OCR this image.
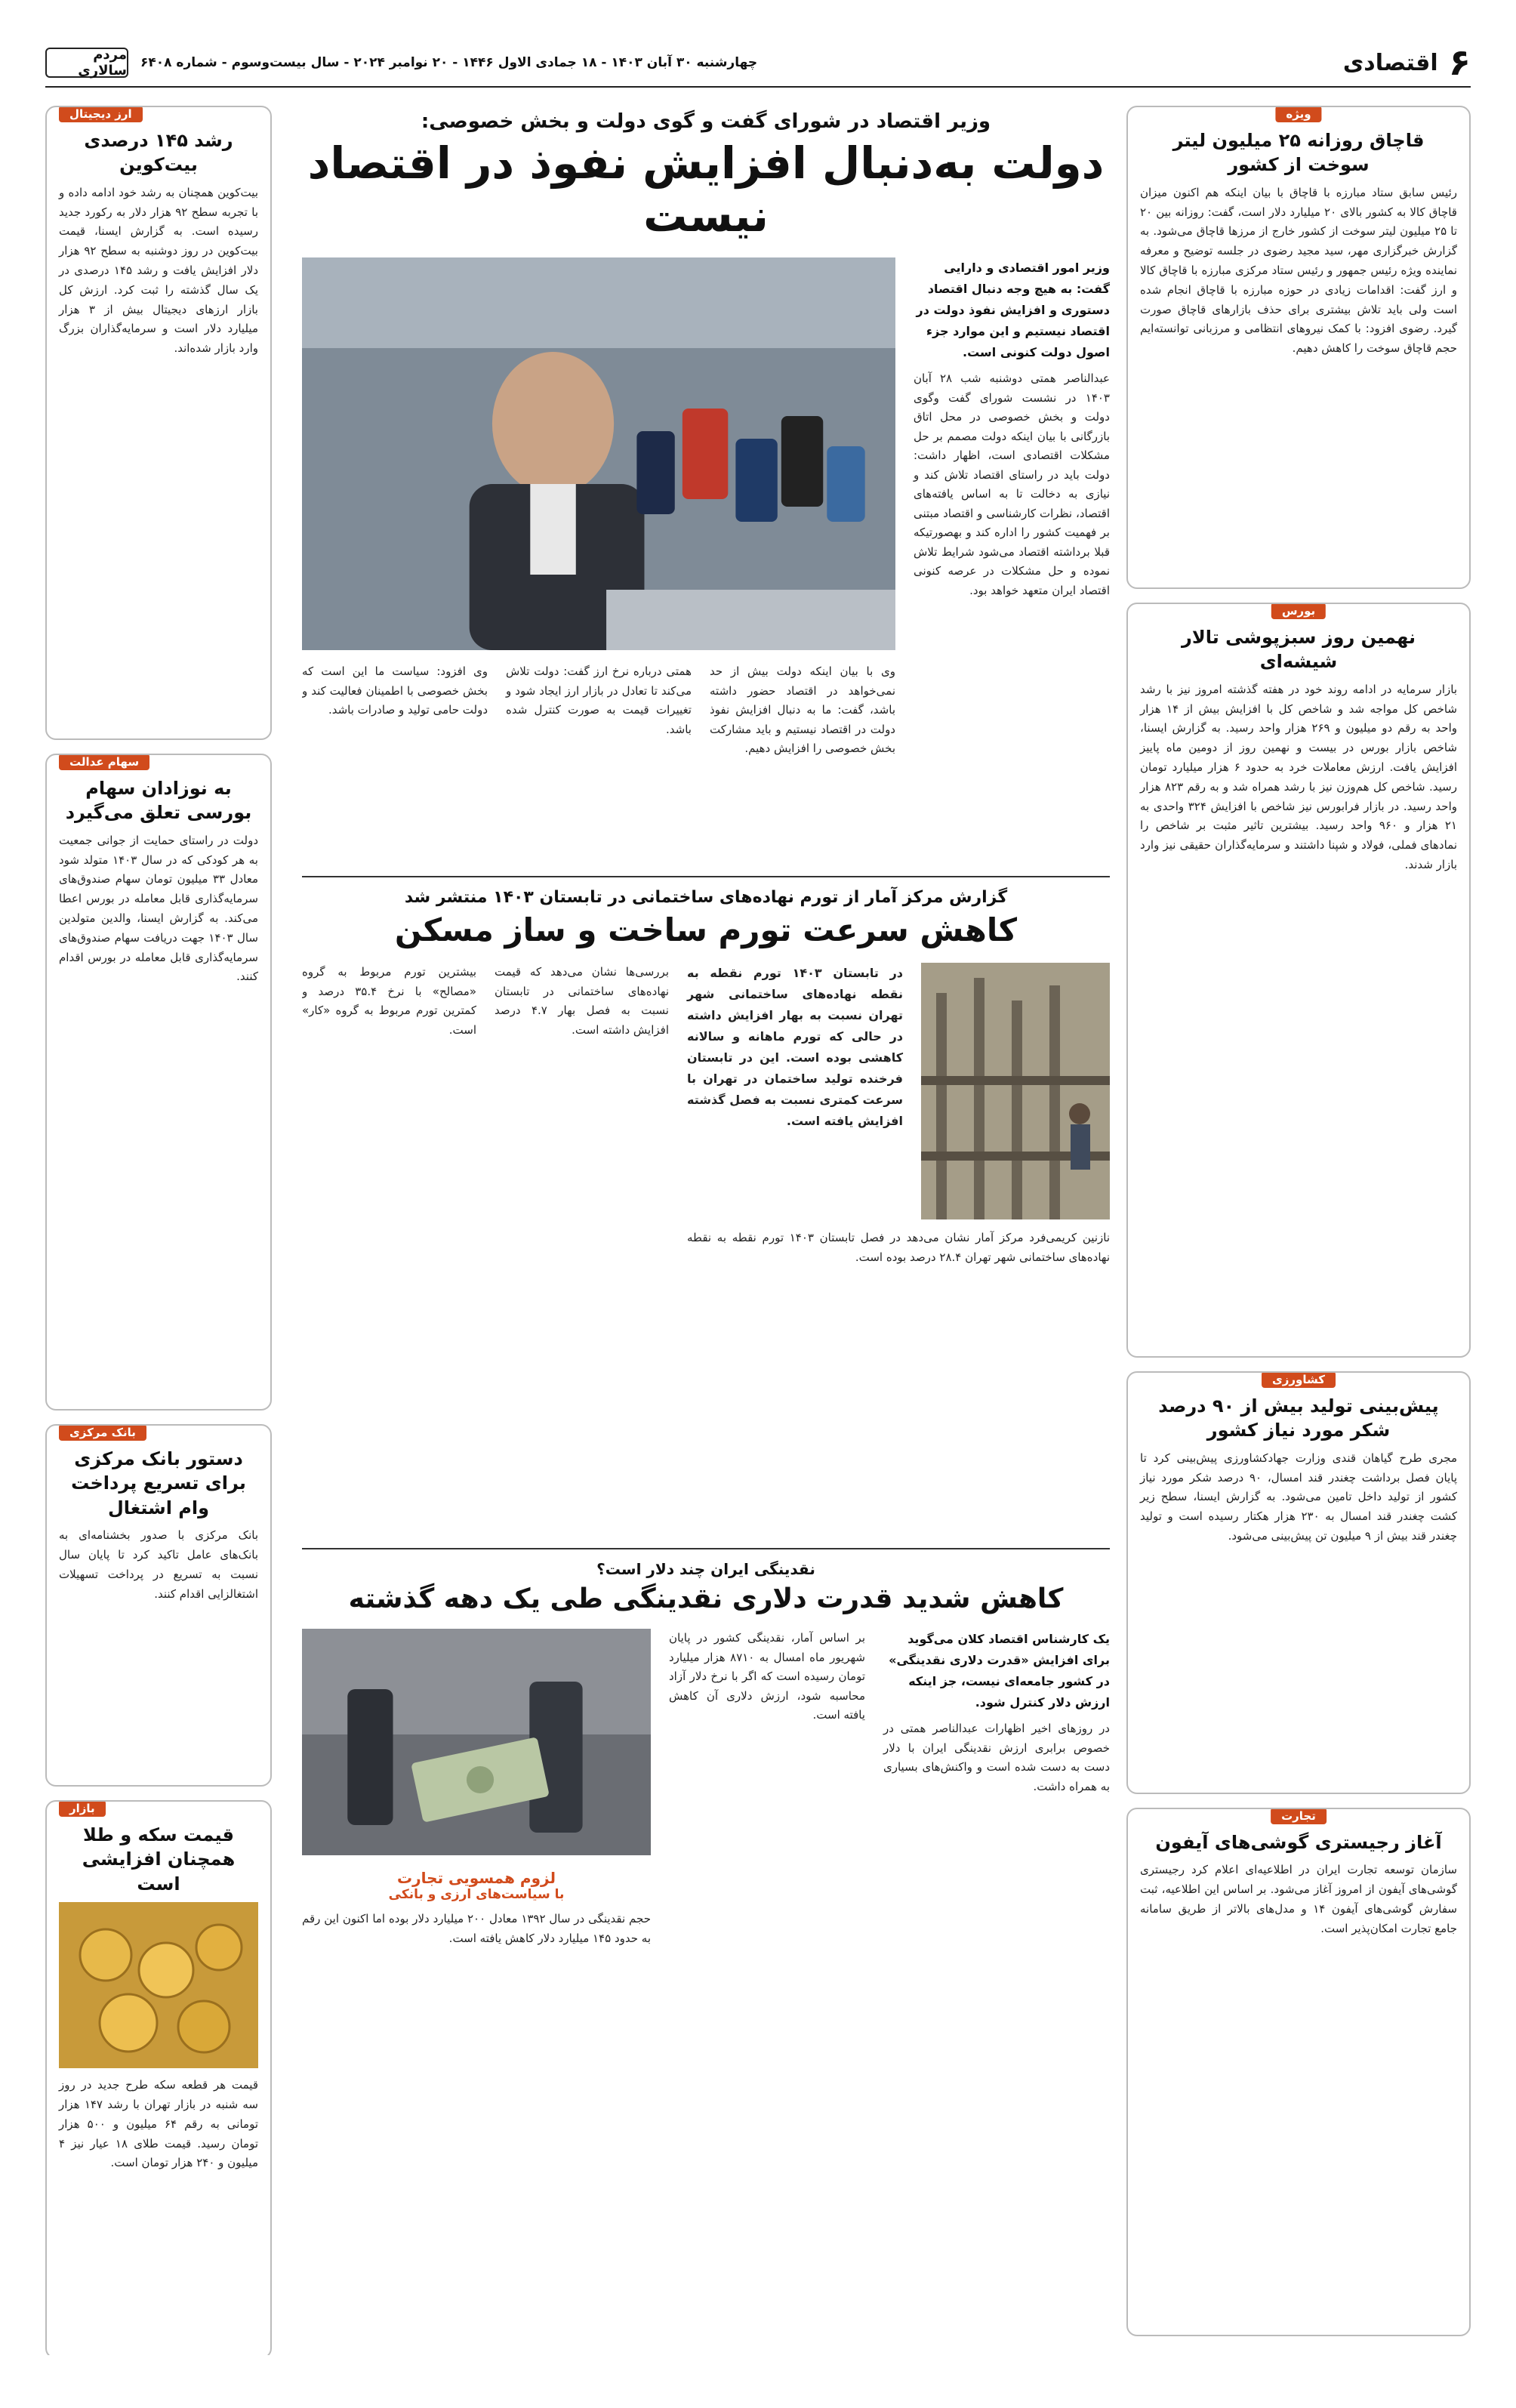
۶
اقتصادی
چهارشنبه ۳۰ آبان ۱۴۰۳ - ۱۸ جمادی الاول ۱۴۴۶ - ۲۰ نوامبر ۲۰۲۴ - سال بیست‌وسوم - شماره ۶۴۰۸
مردم سالاری
ویژه
قاچاق روزانه ۲۵ میلیون لیتر سوخت از کشور
رئیس سابق ستاد مبارزه با قاچاق با بیان اینکه هم اکنون میزان قاچاق کالا به کشور بالای ۲۰ میلیارد دلار است، گفت: روزانه بین ۲۰ تا ۲۵ میلیون لیتر سوخت از کشور خارج از مرزها قاچاق می‌شود. به گزارش خبرگزاری مهر، سید مجید رضوی در جلسه توضیح و معرفه نماینده ویژه رئیس جمهور و رئیس ستاد مرکزی مبارزه با قاچاق کالا و ارز گفت: اقدامات زیادی در حوزه مبارزه با قاچاق انجام شده است ولی باید تلاش بیشتری برای حذف بازارهای قاچاق صورت گیرد. رضوی افزود: با کمک نیروهای انتظامی و مرزبانی توانسته‌ایم حجم قاچاق سوخت را کاهش دهیم.
بورس
نهمین روز سبزپوشی تالار شیشه‌ای
بازار سرمایه در ادامه روند خود در هفته گذشته امروز نیز با رشد شاخص کل مواجه شد و شاخص کل با افزایش بیش از ۱۴ هزار واحد به رقم دو میلیون و ۲۶۹ هزار واحد رسید. به گزارش ایسنا، شاخص بازار بورس در بیست و نهمین روز از دومین ماه پاییز افزایش یافت. ارزش معاملات خرد به حدود ۶ هزار میلیارد تومان رسید. شاخص کل هم‌وزن نیز با رشد همراه شد و به رقم ۸۲۳ هزار واحد رسید. در بازار فرابورس نیز شاخص با افزایش ۳۲۴ واحدی به ۲۱ هزار و ۹۶۰ واحد رسید. بیشترین تاثیر مثبت بر شاخص را نمادهای فملی، فولاد و شپنا داشتند و سرمایه‌گذاران حقیقی نیز وارد بازار شدند.
کشاورزی
پیش‌بینی تولید بیش از ۹۰ درصد شکر مورد نیاز کشور
مجری طرح گیاهان قندی وزارت جهادکشاورزی پیش‌بینی کرد تا پایان فصل برداشت چغندر قند امسال، ۹۰ درصد شکر مورد نیاز کشور از تولید داخل تامین می‌شود. به گزارش ایسنا، سطح زیر کشت چغندر قند امسال به ۲۳۰ هزار هکتار رسیده است و تولید چغندر قند بیش از ۹ میلیون تن پیش‌بینی می‌شود.
تجارت
آغاز رجیستری گوشی‌های آیفون
سازمان توسعه تجارت ایران در اطلاعیه‌ای اعلام کرد رجیستری گوشی‌های آیفون از امروز آغاز می‌شود. بر اساس این اطلاعیه، ثبت سفارش گوشی‌های آیفون ۱۴ و مدل‌های بالاتر از طریق سامانه جامع تجارت امکان‌پذیر است.
ارز دیجیتال
رشد ۱۴۵ درصدی بیت‌کوین
بیت‌کوین همچنان به رشد خود ادامه داده و با تجربه سطح ۹۲ هزار دلار به رکورد جدید رسیده است. به گزارش ایسنا، قیمت بیت‌کوین در روز دوشنبه به سطح ۹۲ هزار دلار افزایش یافت و رشد ۱۴۵ درصدی در یک سال گذشته را ثبت کرد. ارزش کل بازار ارزهای دیجیتال بیش از ۳ هزار میلیارد دلار است و سرمایه‌گذاران بزرگ وارد بازار شده‌اند.
سهام عدالت
به نوزادان سهام بورسی تعلق می‌گیرد
دولت در راستای حمایت از جوانی جمعیت به هر کودکی که در سال ۱۴۰۳ متولد شود معادل ۳۳ میلیون تومان سهام صندوق‌های سرمایه‌گذاری قابل معامله در بورس اعطا می‌کند. به گزارش ایسنا، والدین متولدین سال ۱۴۰۳ جهت دریافت سهام صندوق‌های سرمایه‌گذاری قابل معامله در بورس اقدام کنند.
بانک مرکزی
دستور بانک مرکزی برای تسریع پرداخت وام اشتغال
بانک مرکزی با صدور بخشنامه‌ای به بانک‌های عامل تاکید کرد تا پایان سال نسبت به تسریع در پرداخت تسهیلات اشتغالزایی اقدام کنند.
بازار
قیمت سکه و طلا همچنان افزایشی است
قیمت هر قطعه سکه طرح جدید در روز سه شنبه در بازار تهران با رشد ۱۴۷ هزار تومانی به رقم ۶۴ میلیون و ۵۰۰ هزار تومان رسید. قیمت طلای ۱۸ عیار نیز ۴ میلیون و ۲۴۰ هزار تومان است.
وزیر اقتصاد در شورای گفت و گوی دولت و بخش خصوصی:
دولت به‌دنبال افزایش نفوذ در اقتصاد نیست

وزیر امور اقتصادی و دارایی گفت: به هیچ وجه دنبال اقتصاد دستوری و افزایش نفوذ دولت در اقتصاد نیستیم و این موارد جزء اصول دولت کنونی است.

عبدالناصر همتی دوشنبه شب ۲۸ آبان ۱۴۰۳ در نشست شورای گفت وگوی دولت و بخش خصوصی در محل اتاق بازرگانی با بیان اینکه دولت مصمم بر حل مشکلات اقتصادی است، اظهار داشت: دولت باید در راستای اقتصاد تلاش کند و نیازی به دخالت تا به اساس یافته‌های اقتصاد، نظرات کارشناسی و اقتصاد مبتنی بر فهمیت کشور را اداره کند و بهصورتیکه قبلا برداشته اقتصاد می‌شود شرایط تلاش نموده و حل مشکلات در عرصه کنونی اقتصاد ایران متعهد خواهد بود.

وی با بیان اینکه دولت بیش از حد نمی‌خواهد در اقتصاد حضور داشته باشد، گفت: ما به دنبال افزایش نفوذ دولت در اقتصاد نیستیم و باید مشارکت بخش خصوصی را افزایش دهیم.

همتی درباره نرخ ارز گفت: دولت تلاش می‌کند تا تعادل در بازار ارز ایجاد شود و تغییرات قیمت به صورت کنترل شده باشد.

وی افزود: سیاست ما این است که بخش خصوصی با اطمینان فعالیت کند و دولت حامی تولید و صادرات باشد.

گزارش مرکز آمار از تورم نهاده‌های ساختمانی در تابستان ۱۴۰۳ منتشر شد
کاهش سرعت تورم ساخت و ساز مسکن

در تابستان ۱۴۰۳ تورم نقطه به نقطه نهاده‌های ساختمانی شهر تهران نسبت به بهار افزایش داشته در حالی که تورم ماهانه و سالانه کاهشی بوده است. این در تابستان فرخنده تولید ساختمان در تهران با سرعت کمتری نسبت به فصل گذشته افزایش یافته است.

نازنین کریمی‌فرد مرکز آمار نشان می‌دهد در فصل تابستان ۱۴۰۳ تورم نقطه به نقطه نهاده‌های ساختمانی شهر تهران ۲۸.۴ درصد بوده است.

بررسی‌ها نشان می‌دهد که قیمت نهاده‌های ساختمانی در تابستان نسبت به فصل بهار ۴.۷ درصد افزایش داشته است.

بیشترین تورم مربوط به گروه «مصالح» با نرخ ۳۵.۴ درصد و کمترین تورم مربوط به گروه «کار» است.

نقدینگی ایران چند دلار است؟
کاهش شدید قدرت دلاری نقدینگی طی یک دهه گذشته

یک کارشناس اقتصاد کلان می‌گوید برای افزایش «قدرت دلاری نقدینگی» در کشور جامعه‌ای نیست، جز اینکه ارزش دلار کنترل شود.

در روزهای اخیر اظهارات عبدالناصر همتی در خصوص برابری ارزش نقدینگی ایران با دلار دست به دست شده است و واکنش‌های بسیاری به همراه داشت.

بر اساس آمار، نقدینگی کشور در پایان شهریور ماه امسال به ۸۷۱۰ هزار میلیارد تومان رسیده است که اگر با نرخ دلار آزاد محاسبه شود، ارزش دلاری آن کاهش یافته است.

لزوم همسویی تجارت
با سیاست‌های ارزی و بانکی

حجم نقدینگی در سال ۱۳۹۲ معادل ۲۰۰ میلیارد دلار بوده اما اکنون این رقم به حدود ۱۴۵ میلیارد دلار کاهش یافته است.
